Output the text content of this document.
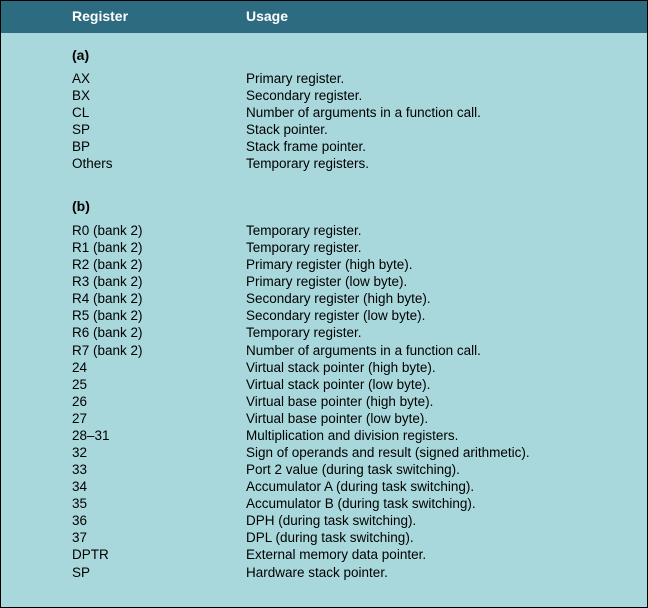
Register	Usage
(a)
AX	Primary register.
BX	Secondary register.
CL	Number of arguments in a function call.
SP	Stack pointer.
BP	Stack frame pointer.
Others	Temporary registers.
(b)
R0 (bank 2)	Temporary register.
R1 (bank 2)	Temporary register.
R2 (bank 2)	Primary register (high byte).
R3 (bank 2)	Primary register (low byte).
R4 (bank 2)	Secondary register (high byte).
R5 (bank 2)	Secondary register (low byte).
R6 (bank 2)	Temporary register.
R7 (bank 2)	Number of arguments in a function call.
24	Virtual stack pointer (high byte).
25	Virtual stack pointer (low byte).
26	Virtual base pointer (high byte).
27	Virtual base pointer (low byte).
28–31	Multiplication and division registers.
32	Sign of operands and result (signed arithmetic).
33	Port 2 value (during task switching).
34	Accumulator A (during task switching).
35	Accumulator B (during task switching).
36	DPH (during task switching).
37	DPL (during task switching).
DPTR	External memory data pointer.
SP	Hardware stack pointer.
